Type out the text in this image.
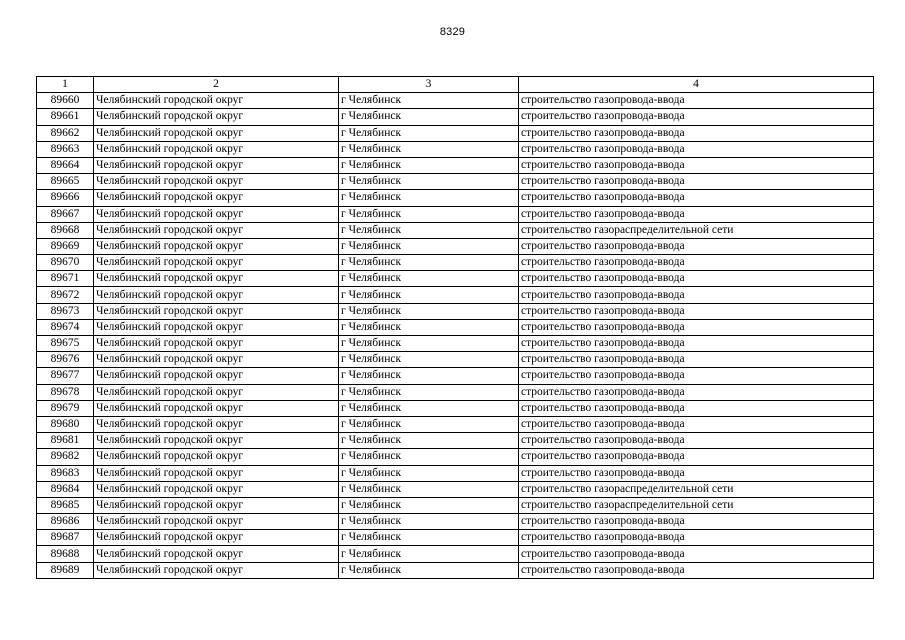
8329
1	2	3	4
89660	Челябинский городской округ	г Челябинск	строительство газопровода-ввода
89661	Челябинский городской округ	г Челябинск	строительство газопровода-ввода
89662	Челябинский городской округ	г Челябинск	строительство газопровода-ввода
89663	Челябинский городской округ	г Челябинск	строительство газопровода-ввода
89664	Челябинский городской округ	г Челябинск	строительство газопровода-ввода
89665	Челябинский городской округ	г Челябинск	строительство газопровода-ввода
89666	Челябинский городской округ	г Челябинск	строительство газопровода-ввода
89667	Челябинский городской округ	г Челябинск	строительство газопровода-ввода
89668	Челябинский городской округ	г Челябинск	строительство газораспределительной сети
89669	Челябинский городской округ	г Челябинск	строительство газопровода-ввода
89670	Челябинский городской округ	г Челябинск	строительство газопровода-ввода
89671	Челябинский городской округ	г Челябинск	строительство газопровода-ввода
89672	Челябинский городской округ	г Челябинск	строительство газопровода-ввода
89673	Челябинский городской округ	г Челябинск	строительство газопровода-ввода
89674	Челябинский городской округ	г Челябинск	строительство газопровода-ввода
89675	Челябинский городской округ	г Челябинск	строительство газопровода-ввода
89676	Челябинский городской округ	г Челябинск	строительство газопровода-ввода
89677	Челябинский городской округ	г Челябинск	строительство газопровода-ввода
89678	Челябинский городской округ	г Челябинск	строительство газопровода-ввода
89679	Челябинский городской округ	г Челябинск	строительство газопровода-ввода
89680	Челябинский городской округ	г Челябинск	строительство газопровода-ввода
89681	Челябинский городской округ	г Челябинск	строительство газопровода-ввода
89682	Челябинский городской округ	г Челябинск	строительство газопровода-ввода
89683	Челябинский городской округ	г Челябинск	строительство газопровода-ввода
89684	Челябинский городской округ	г Челябинск	строительство газораспределительной сети
89685	Челябинский городской округ	г Челябинск	строительство газораспределительной сети
89686	Челябинский городской округ	г Челябинск	строительство газопровода-ввода
89687	Челябинский городской округ	г Челябинск	строительство газопровода-ввода
89688	Челябинский городской округ	г Челябинск	строительство газопровода-ввода
89689	Челябинский городской округ	г Челябинск	строительство газопровода-ввода
